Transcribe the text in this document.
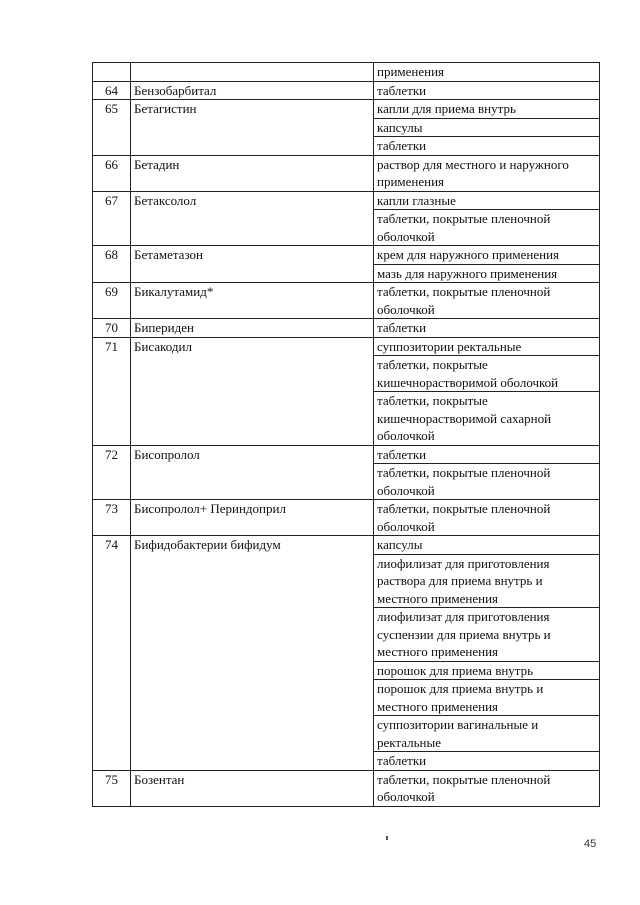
		применения
64	Бензобарбитал	таблетки
65	Бетагистин	капли для приема внутрь
		капсулы
		таблетки
66	Бетадин	раствор для местного и наружного применения
67	Бетаксолол	капли глазные
		таблетки, покрытые пленочной оболочкой
68	Бетаметазон	крем для наружного применения
		мазь для наружного применения
69	Бикалутамид*	таблетки, покрытые пленочной оболочкой
70	Бипериден	таблетки
71	Бисакодил	суппозитории ректальные
		таблетки, покрытые кишечнорастворимой оболочкой
		таблетки, покрытые кишечнорастворимой сахарной оболочкой
72	Бисопролол	таблетки
		таблетки, покрытые пленочной оболочкой
73	Бисопролол+ Периндоприл	таблетки, покрытые пленочной оболочкой
74	Бифидобактерии бифидум	капсулы
		лиофилизат для приготовления раствора для приема внутрь и местного применения
		лиофилизат для приготовления суспензии для приема внутрь и местного применения
		порошок для приема внутрь
		порошок для приема внутрь и местного применения
		суппозитории вагинальные и ректальные
		таблетки
75	Бозентан	таблетки, покрытые пленочной оболочкой
45
